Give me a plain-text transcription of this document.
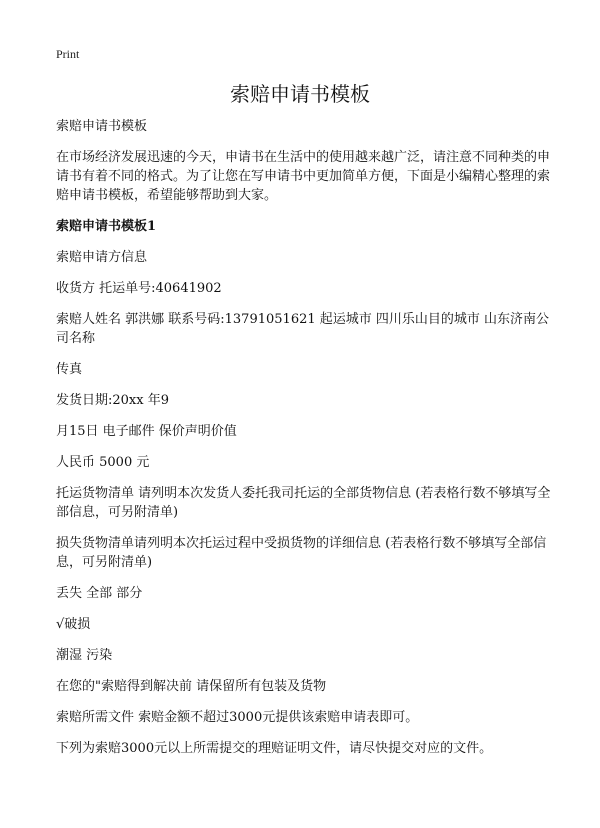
Print
索赔申请书模板

索赔申请书模板

在市场经济发展迅速的今天，申请书在生活中的使用越来越广泛，请注意不同种类的申请书有着不同的格式。为了让您在写申请书中更加简单方便，下面是小编精心整理的索赔申请书模板，希望能够帮助到大家。

索赔申请书模板1

索赔申请方信息

收货方 托运单号:40641902

索赔人姓名 郭洪娜 联系号码:13791051621 起运城市 四川乐山目的城市 山东济南公司名称

传真

发货日期:20xx 年9

月15日 电子邮件 保价声明价值

人民币 5000 元

托运货物清单 请列明本次发货人委托我司托运的全部货物信息 (若表格行数不够填写全部信息，可另附清单)

损失货物清单请列明本次托运过程中受损货物的详细信息 (若表格行数不够填写全部信息，可另附清单)

丢失 全部 部分

√破损

潮湿 污染

在您的"索赔得到解决前 请保留所有包装及货物

索赔所需文件 索赔金额不超过3000元提供该索赔申请表即可。

下列为索赔3000元以上所需提交的理赔证明文件，请尽快提交对应的文件。
